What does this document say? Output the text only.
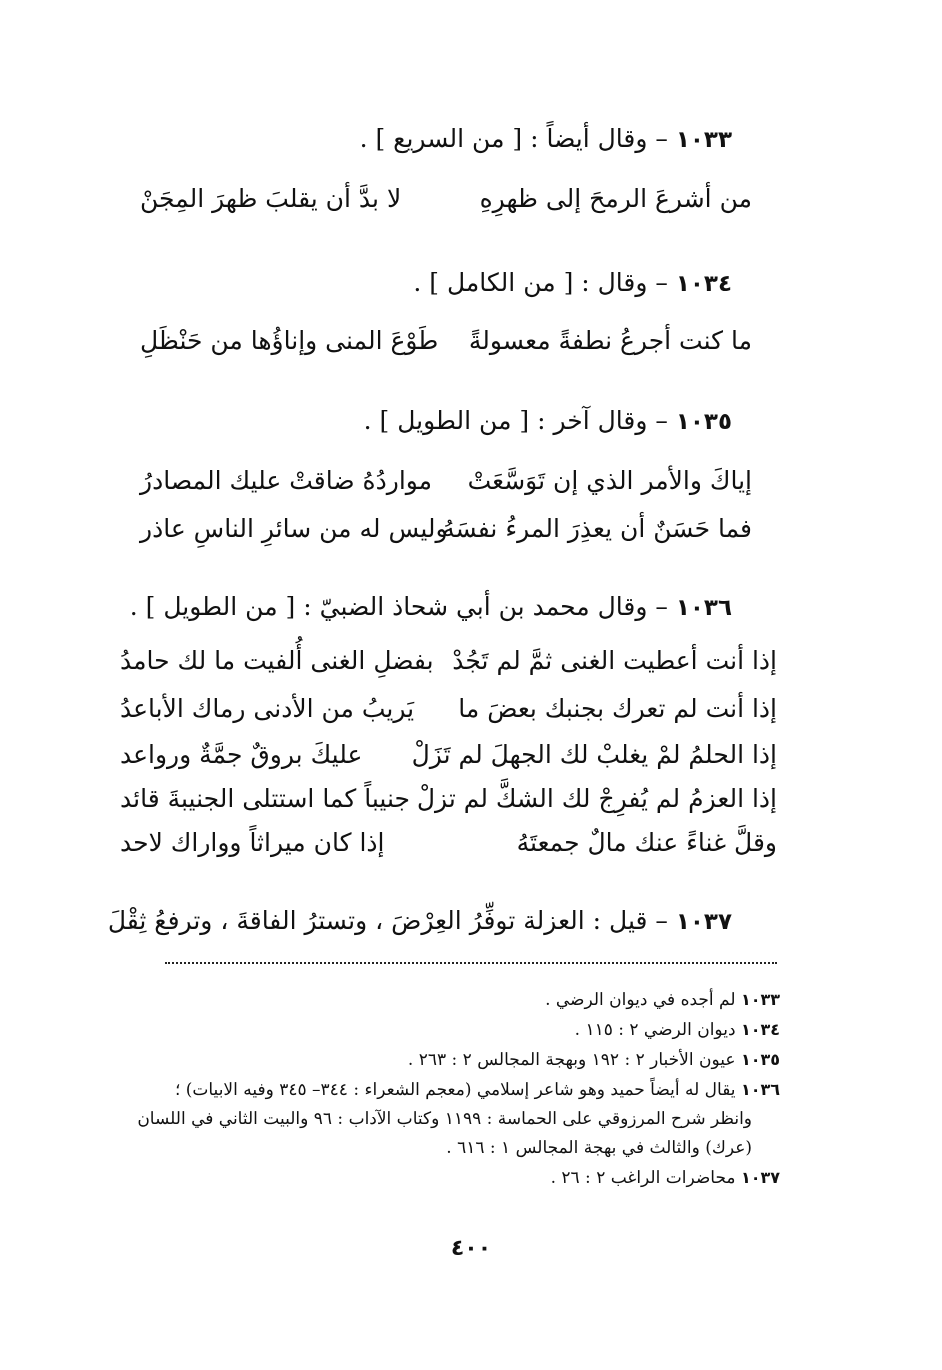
١٠٣٣ – وقال أيضاً : [ من السريع ] .
من أشرعَ الرمحَ إلى ظهرِهِ
لا بدَّ أن يقلبَ ظهرَ المِجَنْ
١٠٣٤ – وقال : [ من الكامل ] .
ما كنت أجرعُ نطفةً معسولةً
طَوْعَ المنى وإناؤُها من حَنْظَلِ
١٠٣٥ – وقال آخر : [ من الطويل ] .
إياكَ والأمر الذي إن تَوَسَّعَتْ
مواردُهُ ضاقتْ عليك المصادرُ
فما حَسَنٌ أن يعذِرَ المرءُ نفسَهُ
وليس له من سائرِ الناسِ عاذر
١٠٣٦ – وقال محمد بن أبي شحاذ الضبيّ : [ من الطويل ] .
إذا أنت أعطيت الغنى ثمَّ لم تَجُدْ
بفضلِ الغنى أُلفيت ما لك حامدُ
إذا أنت لم تعرك بجنبك بعضَ ما
يَريبُ من الأدنى رماك الأباعدُ
إذا الحلمُ لمْ يغلبْ لك الجهلَ لم تَزَلْ
عليكَ بروقٌ جمَّةٌ ورواعد
إذا العزمُ لم يُفرِجْ لك الشكَّ لم تزلْ
جنيباً كما استتلى الجنيبةَ قائد
وقلَّ غناءً عنك مالٌ جمعتَهُ
إذا كان ميراثاً وواراك لاحد
١٠٣٧ – قيل : العزلة توفِّرُ العِرْضَ ، وتسترُ الفاقةَ ، وترفعُ ثِقْلَ
١٠٣٣ لم أجده في ديوان الرضي .
١٠٣٤ ديوان الرضي ٢ : ١١٥ .
١٠٣٥ عيون الأخبار ٢ : ١٩٢ وبهجة المجالس ٢ : ٢٦٣ .
١٠٣٦ يقال له أيضاً حميد وهو شاعر إسلامي (معجم الشعراء : ٣٤٤– ٣٤٥ وفيه الابيات) ؛
وانظر شرح المرزوقي على الحماسة : ١١٩٩ وكتاب الآداب : ٩٦ والبيت الثاني في اللسان
(عرك) والثالث في بهجة المجالس ١ : ٦١٦ .
١٠٣٧ محاضرات الراغب ٢ : ٢٦ .
٤٠٠
